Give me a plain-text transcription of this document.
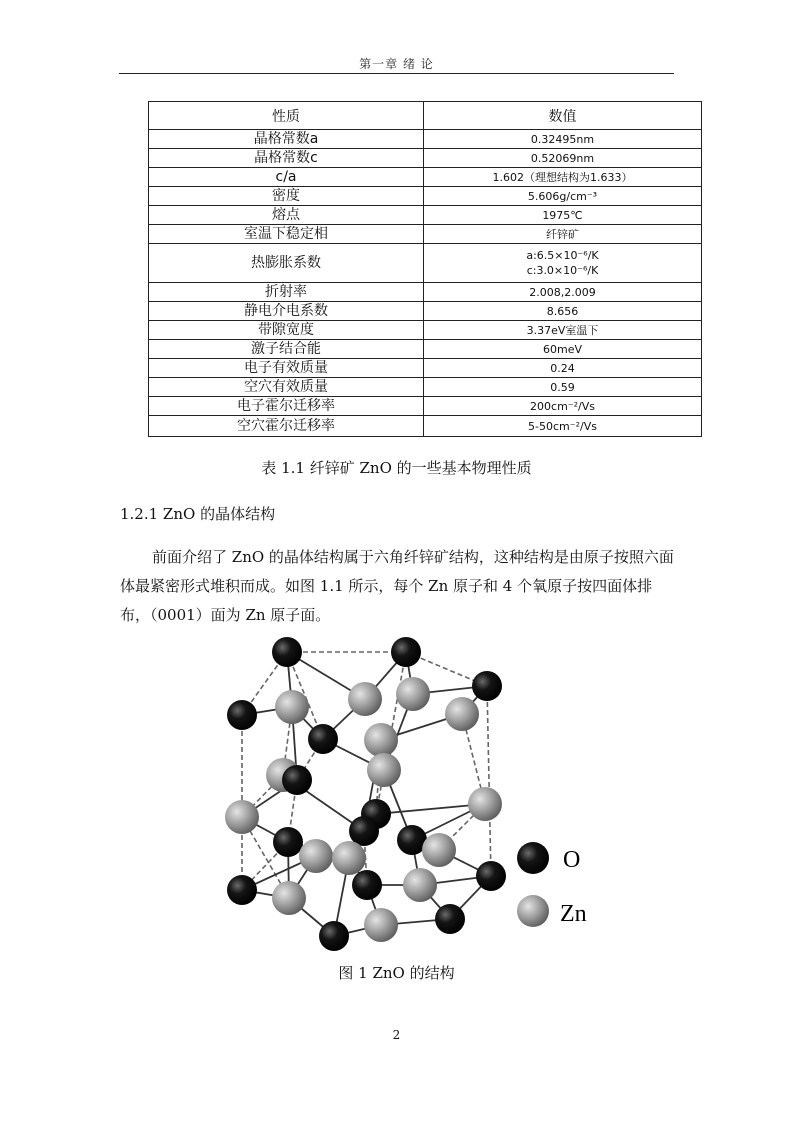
第一章 绪 论
性质	数值
晶格常数a	0.32495nm

晶格常数c	0.52069nm

c/a	1.602（理想结构为1.633）

密度	5.606g/cm⁻³

熔点	1975℃

室温下稳定相	纤锌矿

热膨胀系数	a:6.5×10⁻⁶/K
c:3.0×10⁻⁶/K

折射率	2.008,2.009

静电介电系数	8.656

带隙宽度	3.37eV室温下

激子结合能	60meV

电子有效质量	0.24

空穴有效质量	0.59

电子霍尔迁移率	200cm⁻²/Vs

空穴霍尔迁移率	5-50cm⁻²/Vs
表 1.1 纤锌矿 ZnO 的一些基本物理性质
1.2.1 ZnO 的晶体结构
前面介绍了 ZnO 的晶体结构属于六角纤锌矿结构，这种结构是由原子按照六面体最紧密形式堆积而成。如图 1.1 所示，每个 Zn 原子和 4 个氧原子按四面体排布，（0001）面为 Zn 原子面。
O
Zn
图 1 ZnO 的结构
2
